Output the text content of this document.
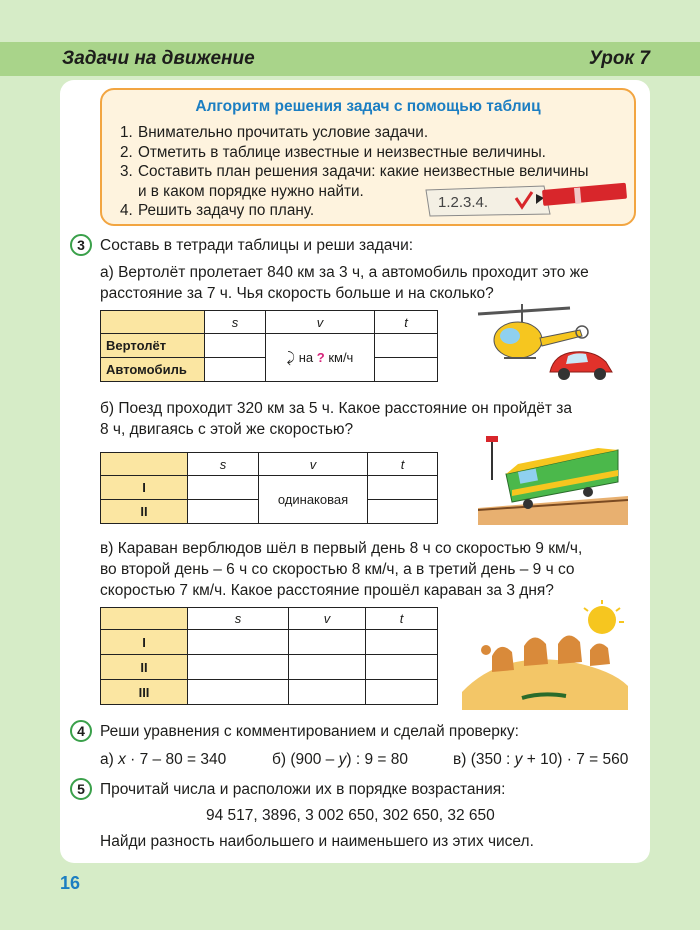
Задачи на движение	Урок 7
Алгоритм решения задач с помощью таблиц
1. Внимательно прочитать условие задачи.
2. Отметить в таблице известные и неизвестные величины.
3. Составить план решения задачи: какие неизвестные величины
и в каком порядке нужно найти.
4. Решить задачу по плану.	1.2.3.4.
3 Составь в тетради таблицы и реши задачи:
а) Вертолёт пролетает 840 км за 3 ч, а автомобиль проходит это же
расстояние за 7 ч. Чья скорость больше и на сколько?
	s	v	t
Вертолёт		⤸ на ? км/ч	
Автомобиль			
б) Поезд проходит 320 км за 5 ч. Какое расстояние он пройдёт за
8 ч, двигаясь с этой же скоростью?
	s	v	t
I		одинаковая	
II			
в) Караван верблюдов шёл в первый день 8 ч со скоростью 9 км/ч,
во второй день – 6 ч со скоростью 8 км/ч, а в третий день – 9 ч со
скоростью 7 км/ч. Какое расстояние прошёл караван за 3 дня?
	s	v	t
I			
II			
III			
4 Реши уравнения с комментированием и сделай проверку:
а) x · 7 – 80 = 340	б) (900 – y) : 9 = 80	в) (350 : y + 10) · 7 = 560
5 Прочитай числа и расположи их в порядке возрастания:
94 517, 3896, 3 002 650, 302 650, 32 650
Найди разность наибольшего и наименьшего из этих чисел.
16
